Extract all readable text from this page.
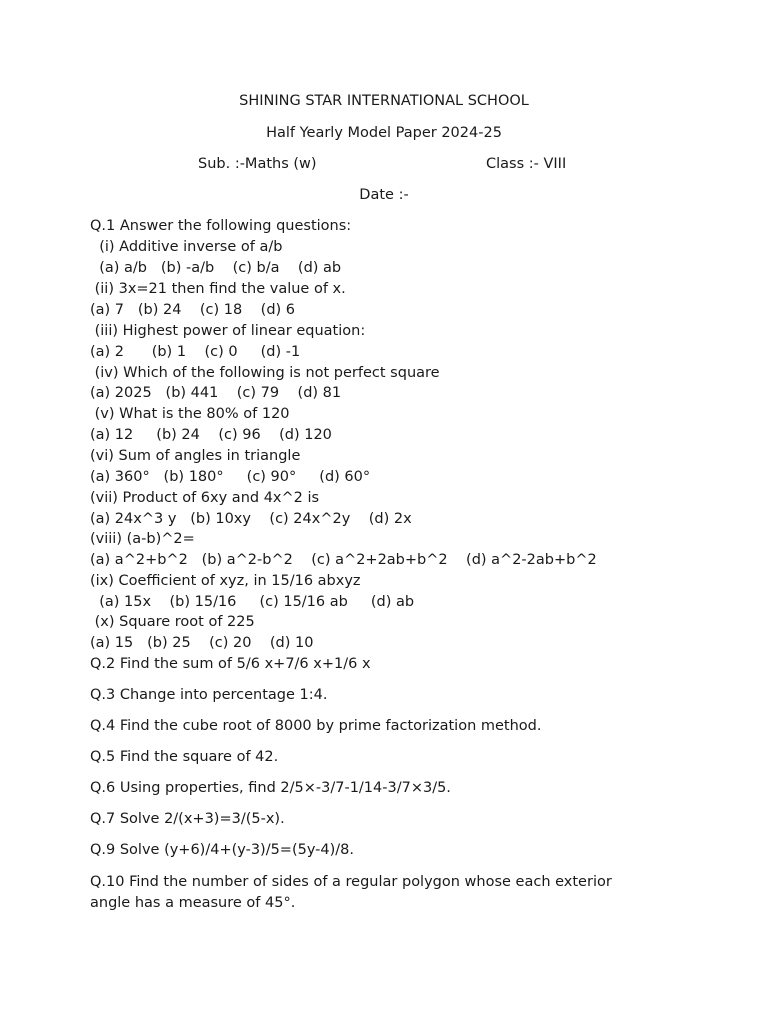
SHINING STAR INTERNATIONAL SCHOOL
Half Yearly Model Paper 2024-25
Sub. :-Maths (w)	Class :- VIII
Date :-
Q.1 Answer the following questions:
(i) Additive inverse of a/b
(a) a/b   (b) -a/b    (c) b/a    (d) ab
(ii) 3x=21 then find the value of x.
(a) 7   (b) 24    (c) 18    (d) 6
(iii) Highest power of linear equation:
(a) 2      (b) 1    (c) 0     (d) -1
(iv) Which of the following is not perfect square
(a) 2025   (b) 441    (c) 79    (d) 81
(v) What is the 80% of 120
(a) 12     (b) 24    (c) 96    (d) 120
(vi) Sum of angles in triangle
(a) 360°   (b) 180°     (c) 90°     (d) 60°
(vii) Product of 6xy and 4x^2 is
(a) 24x^3 y   (b) 10xy    (c) 24x^2y    (d) 2x
(viii) (a-b)^2=
(a) a^2+b^2   (b) a^2-b^2    (c) a^2+2ab+b^2    (d) a^2-2ab+b^2
(ix) Coefficient of xyz, in 15/16 abxyz
(a) 15x    (b) 15/16     (c) 15/16 ab     (d) ab
(x) Square root of 225
(a) 15   (b) 25    (c) 20    (d) 10
Q.2 Find the sum of 5/6 x+7/6 x+1/6 x
Q.3 Change into percentage 1:4.
Q.4 Find the cube root of 8000 by prime factorization method.
Q.5 Find the square of 42.
Q.6 Using properties, find 2/5×-3/7-1/14-3/7×3/5.
Q.7 Solve 2/(x+3)=3/(5-x).
Q.9 Solve (y+6)/4+(y-3)/5=(5y-4)/8.
Q.10 Find the number of sides of a regular polygon whose each exterior angle has a measure of 45°.
